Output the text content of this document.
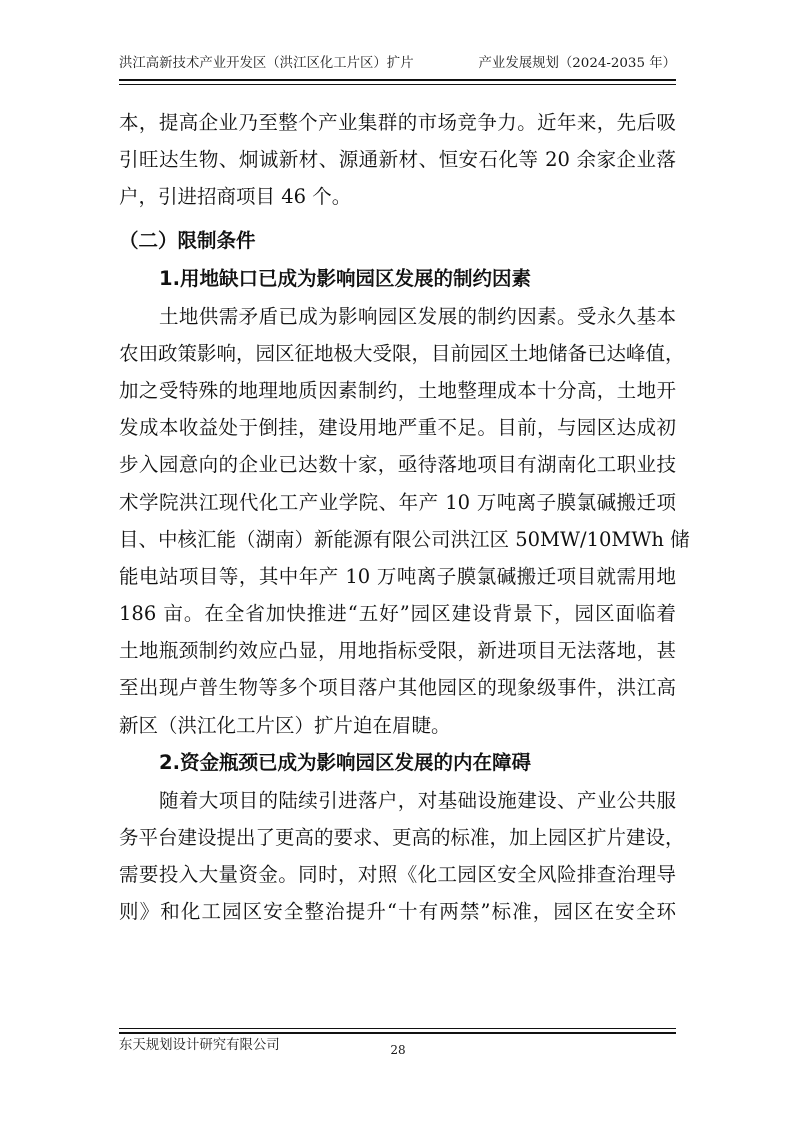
洪江高新技术产业开发区（洪江区化工片区）扩片	产业发展规划（2024-2035 年）
本，提高企业乃至整个产业集群的市场竞争力。近年来，先后吸
引旺达生物、炯诚新材、源通新材、恒安石化等 20 余家企业落
户，引进招商项目 46 个。
（二）限制条件
1.用地缺口已成为影响园区发展的制约因素
土地供需矛盾已成为影响园区发展的制约因素。受永久基本
农田政策影响，园区征地极大受限，目前园区土地储备已达峰值，
加之受特殊的地理地质因素制约，土地整理成本十分高，土地开
发成本收益处于倒挂，建设用地严重不足。目前，与园区达成初
步入园意向的企业已达数十家，亟待落地项目有湖南化工职业技
术学院洪江现代化工产业学院、年产 10 万吨离子膜氯碱搬迁项
目、中核汇能（湖南）新能源有限公司洪江区 50MW/10MWh 储
能电站项目等，其中年产 10 万吨离子膜氯碱搬迁项目就需用地
186 亩。在全省加快推进“五好”园区建设背景下，园区面临着
土地瓶颈制约效应凸显，用地指标受限，新进项目无法落地，甚
至出现卢普生物等多个项目落户其他园区的现象级事件，洪江高
新区（洪江化工片区）扩片迫在眉睫。
2.资金瓶颈已成为影响园区发展的内在障碍
随着大项目的陆续引进落户，对基础设施建设、产业公共服
务平台建设提出了更高的要求、更高的标准，加上园区扩片建设，
需要投入大量资金。同时，对照《化工园区安全风险排查治理导
则》和化工园区安全整治提升“十有两禁”标准，园区在安全环
东天规划设计研究有限公司	28
